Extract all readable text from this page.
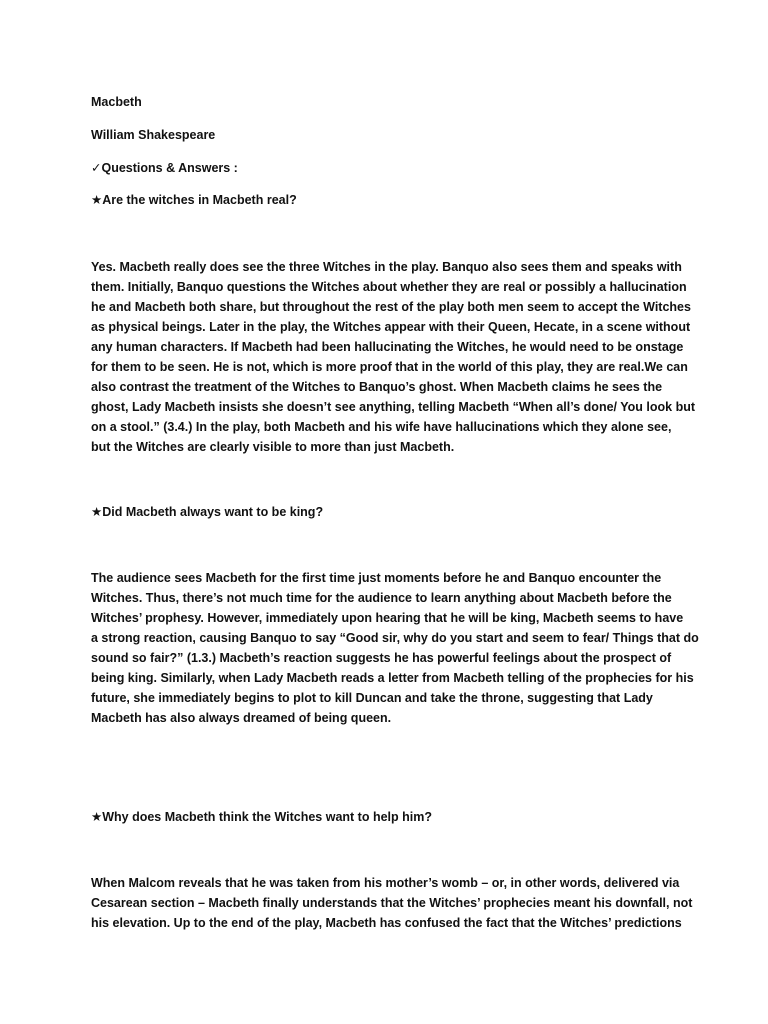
Macbeth
William Shakespeare
✓Questions & Answers :
★Are the witches in Macbeth real?
Yes. Macbeth really does see the three Witches in the play. Banquo also sees them and speaks with
them. Initially, Banquo questions the Witches about whether they are real or possibly a hallucination
he and Macbeth both share, but throughout the rest of the play both men seem to accept the Witches
as physical beings. Later in the play, the Witches appear with their Queen, Hecate, in a scene without
any human characters. If Macbeth had been hallucinating the Witches, he would need to be onstage
for them to be seen. He is not, which is more proof that in the world of this play, they are real.We can
also contrast the treatment of the Witches to Banquo’s ghost. When Macbeth claims he sees the
ghost, Lady Macbeth insists she doesn’t see anything, telling Macbeth “When all’s done/ You look but
on a stool.” (3.4.) In the play, both Macbeth and his wife have hallucinations which they alone see,
but the Witches are clearly visible to more than just Macbeth.
★Did Macbeth always want to be king?
The audience sees Macbeth for the first time just moments before he and Banquo encounter the
Witches. Thus, there’s not much time for the audience to learn anything about Macbeth before the
Witches’ prophesy. However, immediately upon hearing that he will be king, Macbeth seems to have
a strong reaction, causing Banquo to say “Good sir, why do you start and seem to fear/ Things that do
sound so fair?” (1.3.) Macbeth’s reaction suggests he has powerful feelings about the prospect of
being king. Similarly, when Lady Macbeth reads a letter from Macbeth telling of the prophecies for his
future, she immediately begins to plot to kill Duncan and take the throne, suggesting that Lady
Macbeth has also always dreamed of being queen.
★Why does Macbeth think the Witches want to help him?
When Malcom reveals that he was taken from his mother’s womb – or, in other words, delivered via
Cesarean section – Macbeth finally understands that the Witches’ prophecies meant his downfall, not
his elevation. Up to the end of the play, Macbeth has confused the fact that the Witches’ predictions
